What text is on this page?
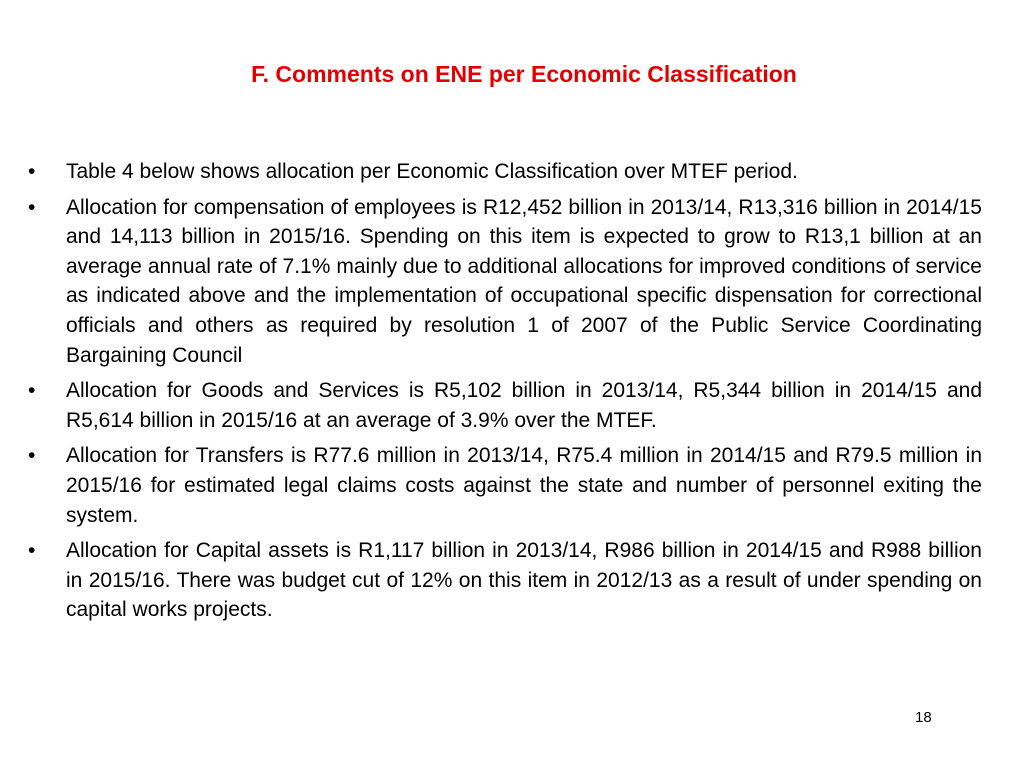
F. Comments on ENE per Economic Classification
•	Table 4 below shows allocation per Economic Classification over MTEF period.
•	Allocation for compensation of employees is R12,452 billion in 2013/14, R13,316 billion in 2014/15 and 14,113 billion in 2015/16. Spending on this item is expected to grow to R13,1 billion at an average annual rate of 7.1% mainly due to additional allocations for improved conditions of service as indicated above and the implementation of occupational specific dispensation for correctional officials and others as required by resolution 1 of 2007 of the Public Service Coordinating Bargaining Council
•	Allocation for Goods and Services is R5,102 billion in 2013/14, R5,344 billion in 2014/15 and R5,614 billion in 2015/16 at an average of 3.9% over the MTEF.
•	Allocation for Transfers is R77.6 million in 2013/14, R75.4 million in 2014/15 and R79.5 million in 2015/16 for estimated legal claims costs against the state and number of personnel exiting the system.
•	Allocation for Capital assets is R1,117 billion in 2013/14, R986 billion in 2014/15 and R988 billion in 2015/16. There was budget cut of 12% on this item in 2012/13 as a result of under spending on capital works projects.
18
